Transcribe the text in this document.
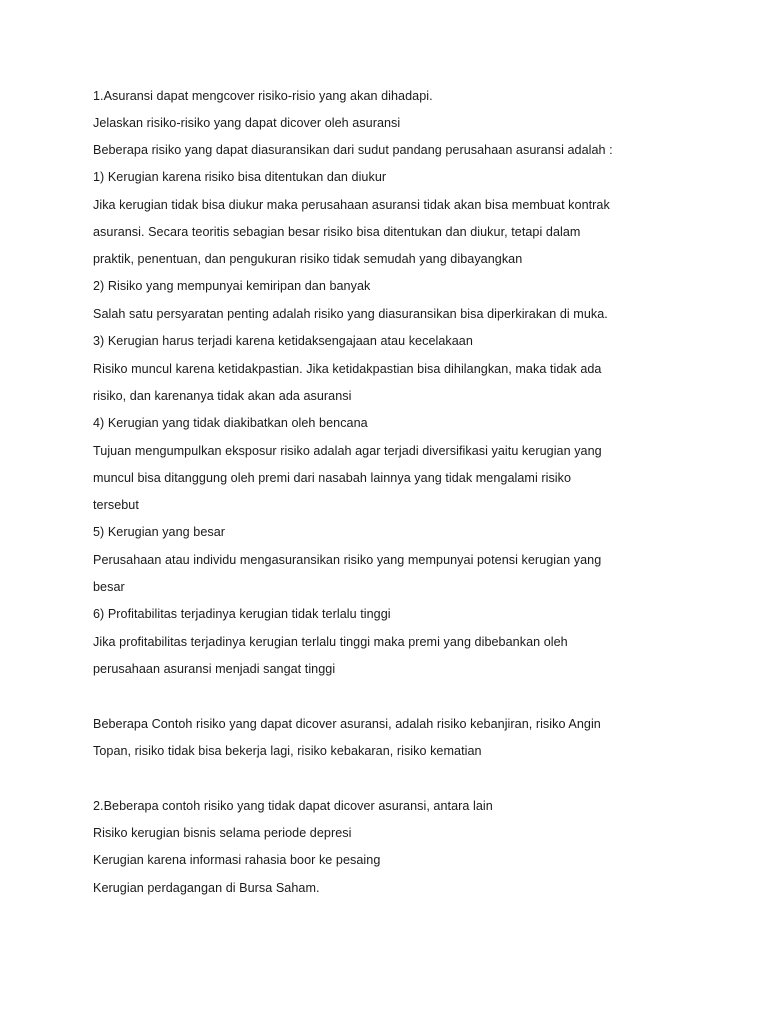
1.Asuransi dapat mengcover risiko-risio yang akan dihadapi.
Jelaskan risiko-risiko yang dapat dicover oleh asuransi
Beberapa risiko yang dapat diasuransikan dari sudut pandang perusahaan asuransi adalah :
1) Kerugian karena risiko bisa ditentukan dan diukur
Jika kerugian tidak bisa diukur maka perusahaan asuransi tidak akan bisa membuat kontrak
asuransi. Secara teoritis sebagian besar risiko bisa ditentukan dan diukur, tetapi dalam
praktik, penentuan, dan pengukuran risiko tidak semudah yang dibayangkan
2) Risiko yang mempunyai kemiripan dan banyak
Salah satu persyaratan penting adalah risiko yang diasuransikan bisa diperkirakan di muka.
3) Kerugian harus terjadi karena ketidaksengajaan atau kecelakaan
Risiko muncul karena ketidakpastian. Jika ketidakpastian bisa dihilangkan, maka tidak ada
risiko, dan karenanya tidak akan ada asuransi
4) Kerugian yang tidak diakibatkan oleh bencana
Tujuan mengumpulkan eksposur risiko adalah agar terjadi diversifikasi yaitu kerugian yang
muncul bisa ditanggung oleh premi dari nasabah lainnya yang tidak mengalami risiko
tersebut
5) Kerugian yang besar
Perusahaan atau individu mengasuransikan risiko yang mempunyai potensi kerugian yang
besar
6) Profitabilitas terjadinya kerugian tidak terlalu tinggi
Jika profitabilitas terjadinya kerugian terlalu tinggi maka premi yang dibebankan oleh
perusahaan asuransi menjadi sangat tinggi
Beberapa Contoh risiko yang dapat dicover asuransi, adalah risiko kebanjiran, risiko Angin
Topan, risiko tidak bisa bekerja lagi, risiko kebakaran, risiko kematian
2.Beberapa contoh risiko yang tidak dapat dicover asuransi, antara lain
Risiko kerugian bisnis selama periode depresi
Kerugian karena informasi rahasia boor ke pesaing
Kerugian perdagangan di Bursa Saham.
